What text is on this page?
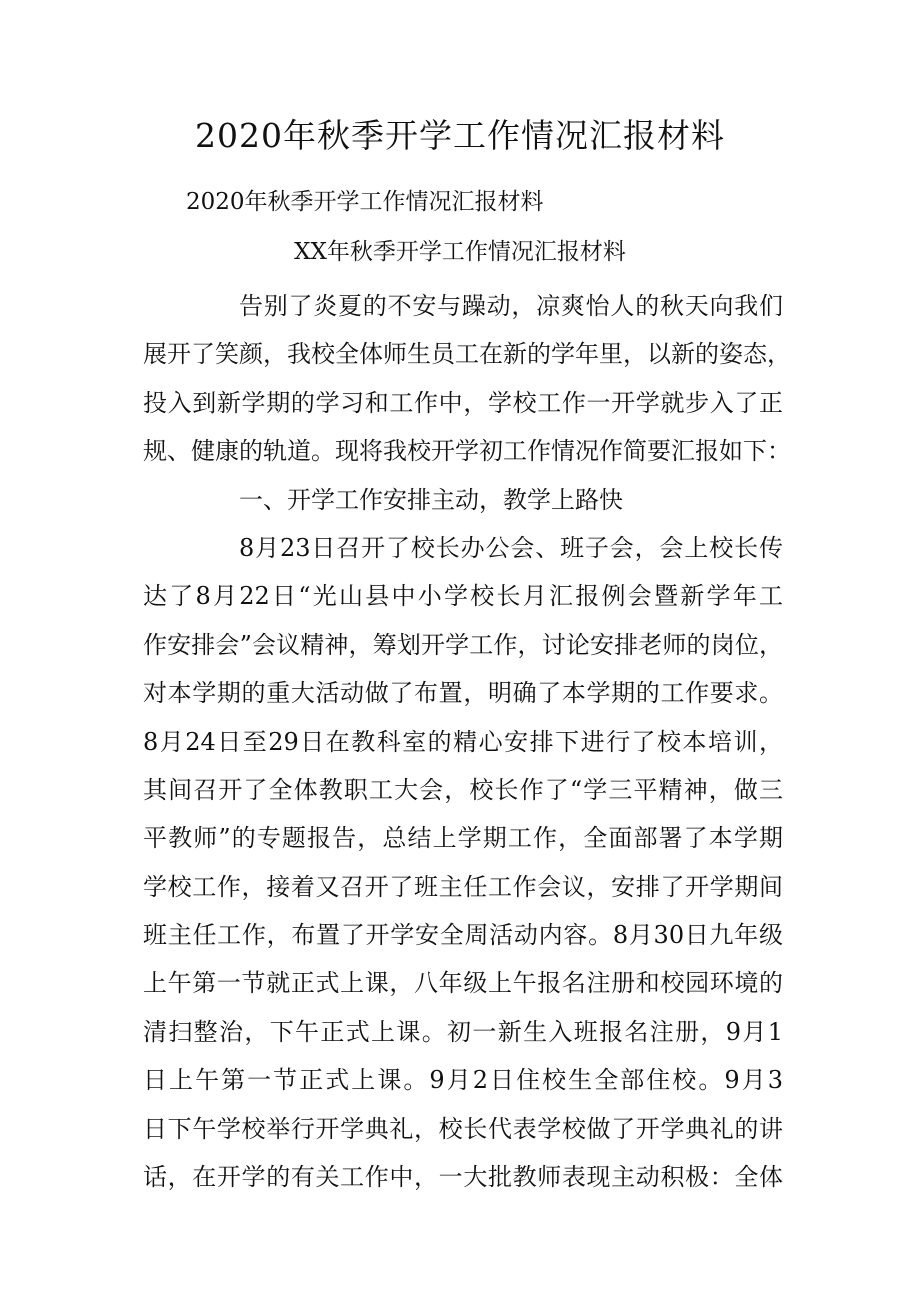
2020年秋季开学工作情况汇报材料
2020年秋季开学工作情况汇报材料
XX年秋季开学工作情况汇报材料
告别了炎夏的不安与躁动，凉爽怡人的秋天向我们
展开了笑颜，我校全体师生员工在新的学年里，以新的姿态，
投入到新学期的学习和工作中，学校工作一开学就步入了正
规、健康的轨道。现将我校开学初工作情况作简要汇报如下：
一、开学工作安排主动，教学上路快
8月23日召开了校长办公会、班子会，会上校长传
达了8月22日“光山县中小学校长月汇报例会暨新学年工
作安排会”会议精神，筹划开学工作，讨论安排老师的岗位，
对本学期的重大活动做了布置，明确了本学期的工作要求。
8月24日至29日在教科室的精心安排下进行了校本培训，
其间召开了全体教职工大会，校长作了“学三平精神，做三
平教师”的专题报告，总结上学期工作，全面部署了本学期
学校工作，接着又召开了班主任工作会议，安排了开学期间
班主任工作，布置了开学安全周活动内容。8月30日九年级
上午第一节就正式上课，八年级上午报名注册和校园环境的
清扫整治，下午正式上课。初一新生入班报名注册，9月1
日上午第一节正式上课。9月2日住校生全部住校。9月3
日下午学校举行开学典礼，校长代表学校做了开学典礼的讲
话，在开学的有关工作中，一大批教师表现主动积极：全体
